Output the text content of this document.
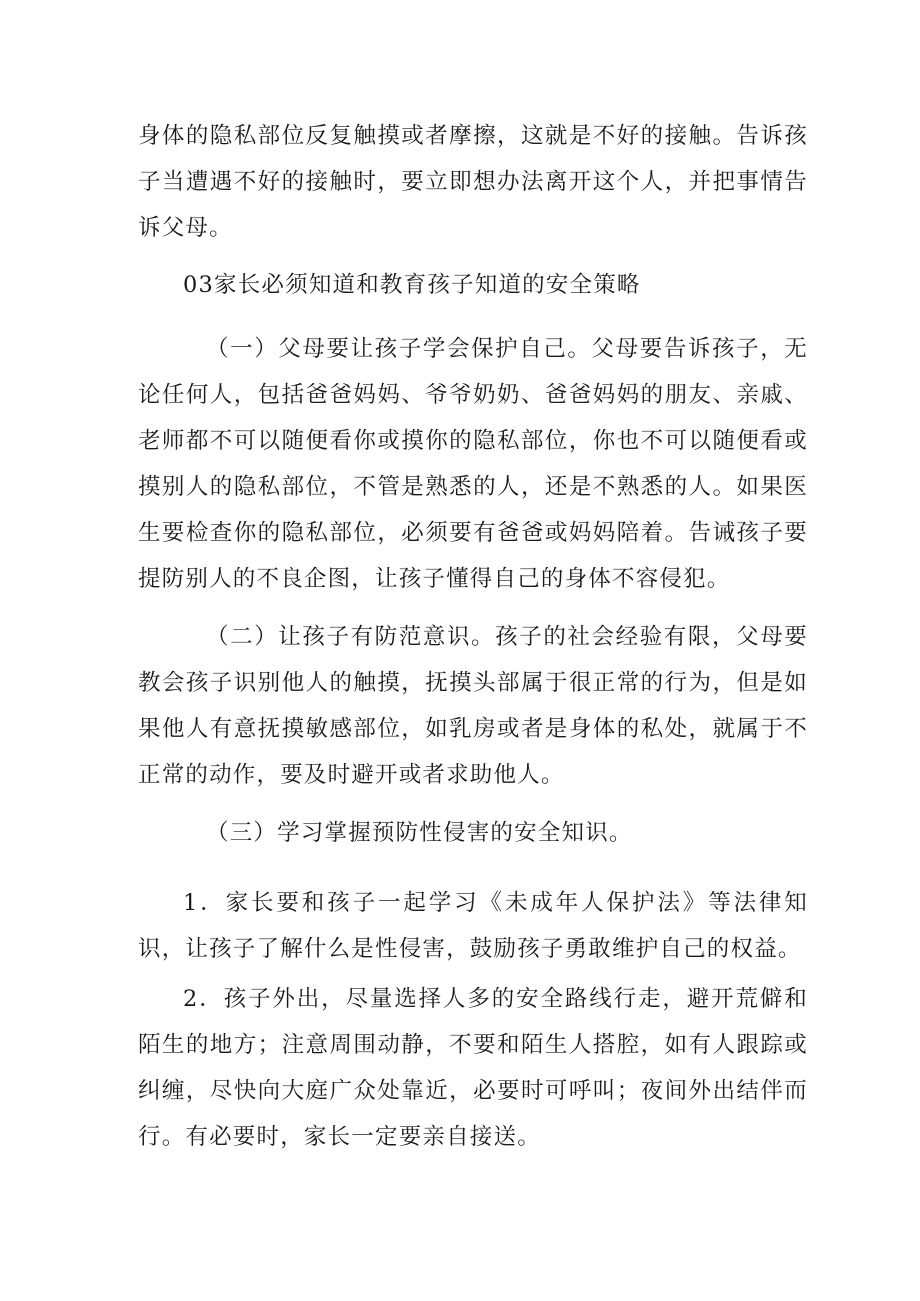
身体的隐私部位反复触摸或者摩擦，这就是不好的接触。告诉孩子当遭遇不好的接触时，要立即想办法离开这个人，并把事情告诉父母。

03家长必须知道和教育孩子知道的安全策略

（一）父母要让孩子学会保护自己。父母要告诉孩子，无论任何人，包括爸爸妈妈、爷爷奶奶、爸爸妈妈的朋友、亲戚、老师都不可以随便看你或摸你的隐私部位，你也不可以随便看或摸别人的隐私部位，不管是熟悉的人，还是不熟悉的人。如果医生要检查你的隐私部位，必须要有爸爸或妈妈陪着。告诫孩子要提防别人的不良企图，让孩子懂得自己的身体不容侵犯。

（二）让孩子有防范意识。孩子的社会经验有限，父母要教会孩子识别他人的触摸，抚摸头部属于很正常的行为，但是如果他人有意抚摸敏感部位，如乳房或者是身体的私处，就属于不正常的动作，要及时避开或者求助他人。

（三）学习掌握预防性侵害的安全知识。

1．家长要和孩子一起学习《未成年人保护法》等法律知识，让孩子了解什么是性侵害，鼓励孩子勇敢维护自己的权益。

2．孩子外出，尽量选择人多的安全路线行走，避开荒僻和陌生的地方；注意周围动静，不要和陌生人搭腔，如有人跟踪或纠缠，尽快向大庭广众处靠近，必要时可呼叫；夜间外出结伴而行。有必要时，家长一定要亲自接送。
